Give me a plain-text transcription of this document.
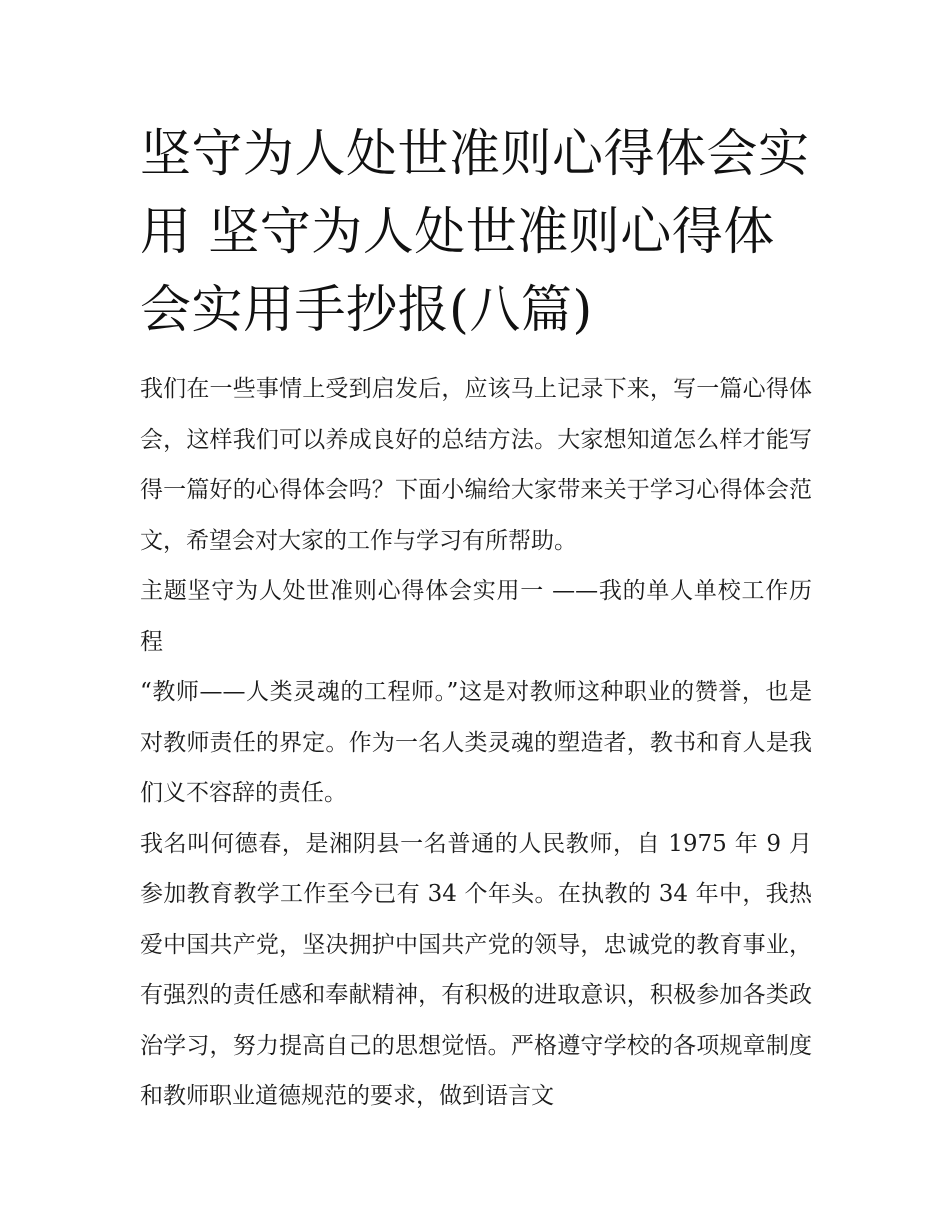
坚守为人处世准则心得体会实用 坚守为人处世准则心得体会实用手抄报(八篇)

我们在一些事情上受到启发后，应该马上记录下来，写一篇心得体会，这样我们可以养成良好的总结方法。大家想知道怎么样才能写得一篇好的心得体会吗？下面小编给大家带来关于学习心得体会范文，希望会对大家的工作与学习有所帮助。

主题坚守为人处世准则心得体会实用一 ——我的单人单校工作历程

“教师——人类灵魂的工程师。”这是对教师这种职业的赞誉，也是对教师责任的界定。作为一名人类灵魂的塑造者，教书和育人是我们义不容辞的责任。

我名叫何德春，是湘阴县一名普通的人民教师，自 1975 年 9 月参加教育教学工作至今已有 34 个年头。在执教的 34 年中，我热爱中国共产党，坚决拥护中国共产党的领导，忠诚党的教育事业，有强烈的责任感和奉献精神，有积极的进取意识，积极参加各类政治学习，努力提高自己的思想觉悟。严格遵守学校的各项规章制度和教师职业道德规范的要求，做到语言文
